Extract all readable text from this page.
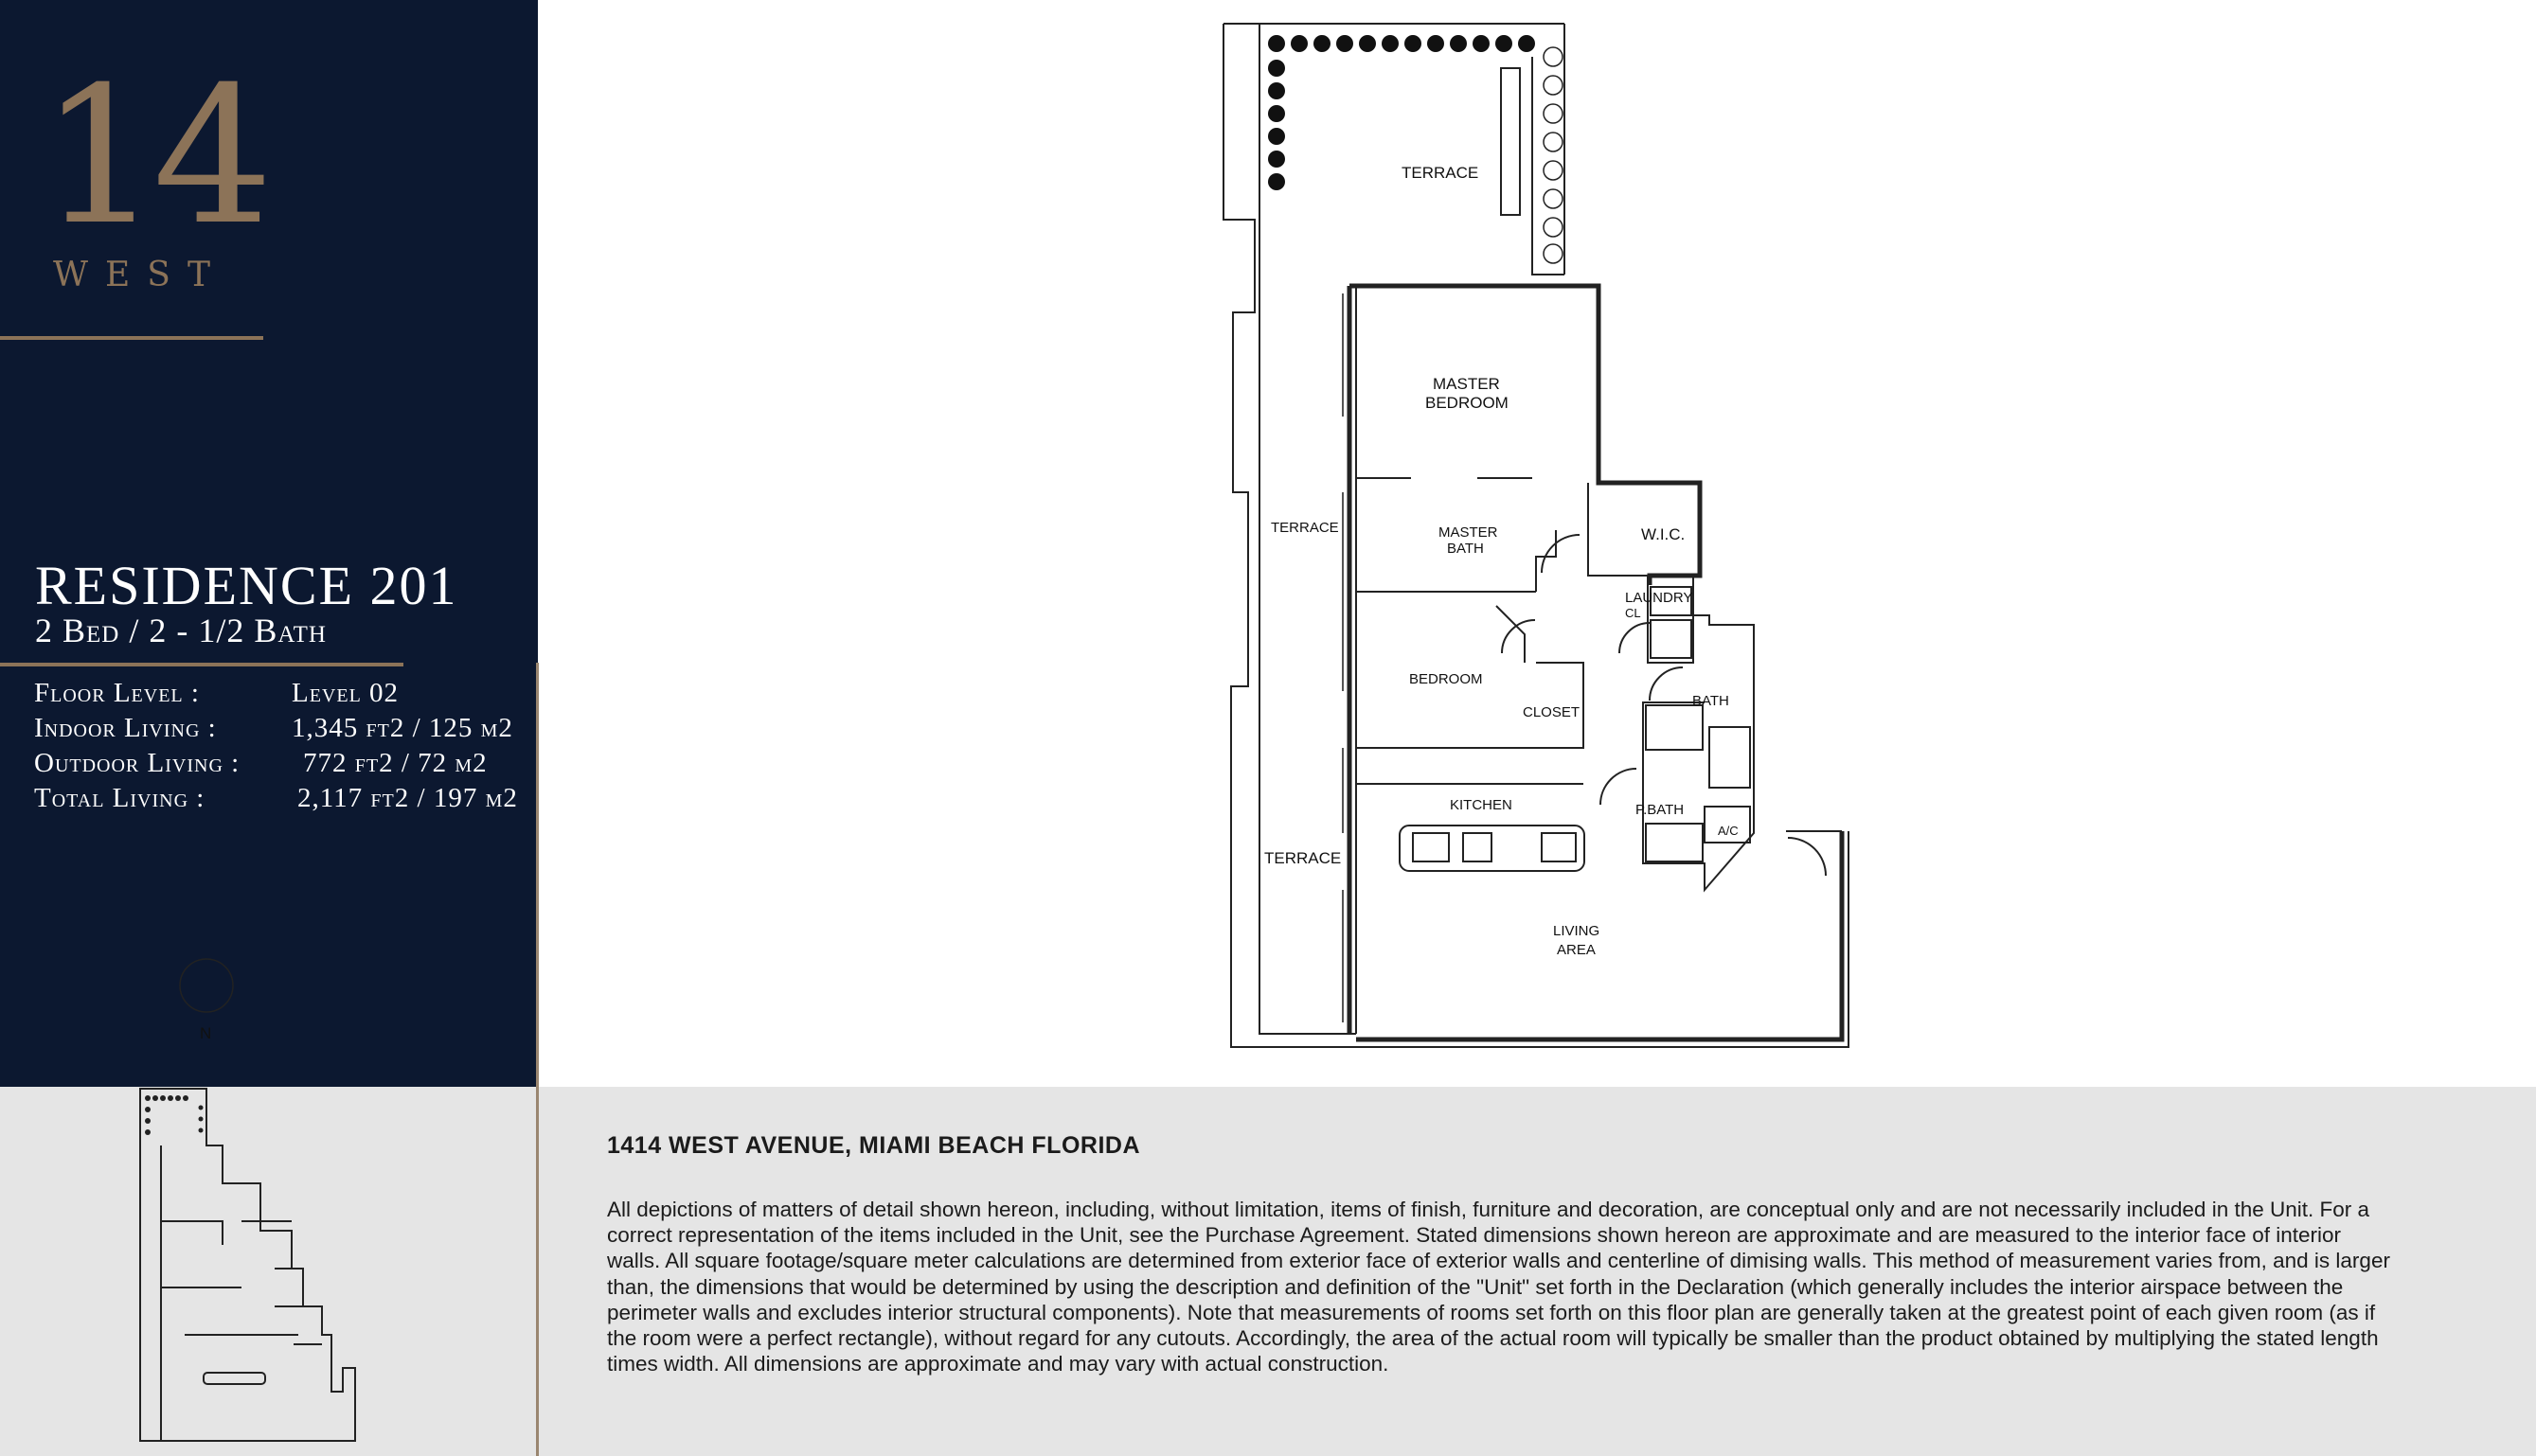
14
WEST
RESIDENCE 201
2 Bed / 2 - 1/2 Bath
Floor Level :	Level 02
Indoor Living :	1,345 ft2 / 125 m2
Outdoor Living : 772 ft2 / 72 m2
Total Living :	2,117 ft2 / 197 m2
TERRACE
MASTER
BEDROOM
TERRACE	MASTER
BATH
W.I.C.
LAUNDRY
CL
BEDROOM
CLOSET
BATH
KITCHEN	P.BATH
A/C
TERRACE
LIVING
AREA
N
1414 WEST AVENUE, MIAMI BEACH FLORIDA
All depictions of matters of detail shown hereon, including, without limitation, items of finish, furniture and decoration, are conceptual only and are not necessarily included in the Unit. For a correct representation of the items included in the Unit, see the Purchase Agreement. Stated dimensions shown hereon are approximate and are measured to the interior face of interior walls. All square footage/square meter calculations are determined from exterior face of exterior walls and centerline of dimising walls. This method of measurement varies from, and is larger than, the dimensions that would be determined by using the description and definition of the "Unit" set forth in the Declaration (which generally includes the interior airspace between the perimeter walls and excludes interior structural components). Note that measurements of rooms set forth on this floor plan are generally taken at the greatest point of each given room (as if the room were a perfect rectangle), without regard for any cutouts. Accordingly, the area of the actual room will typically be smaller than the product obtained by multiplying the stated length times width. All dimensions are approximate and may vary with actual construction.
